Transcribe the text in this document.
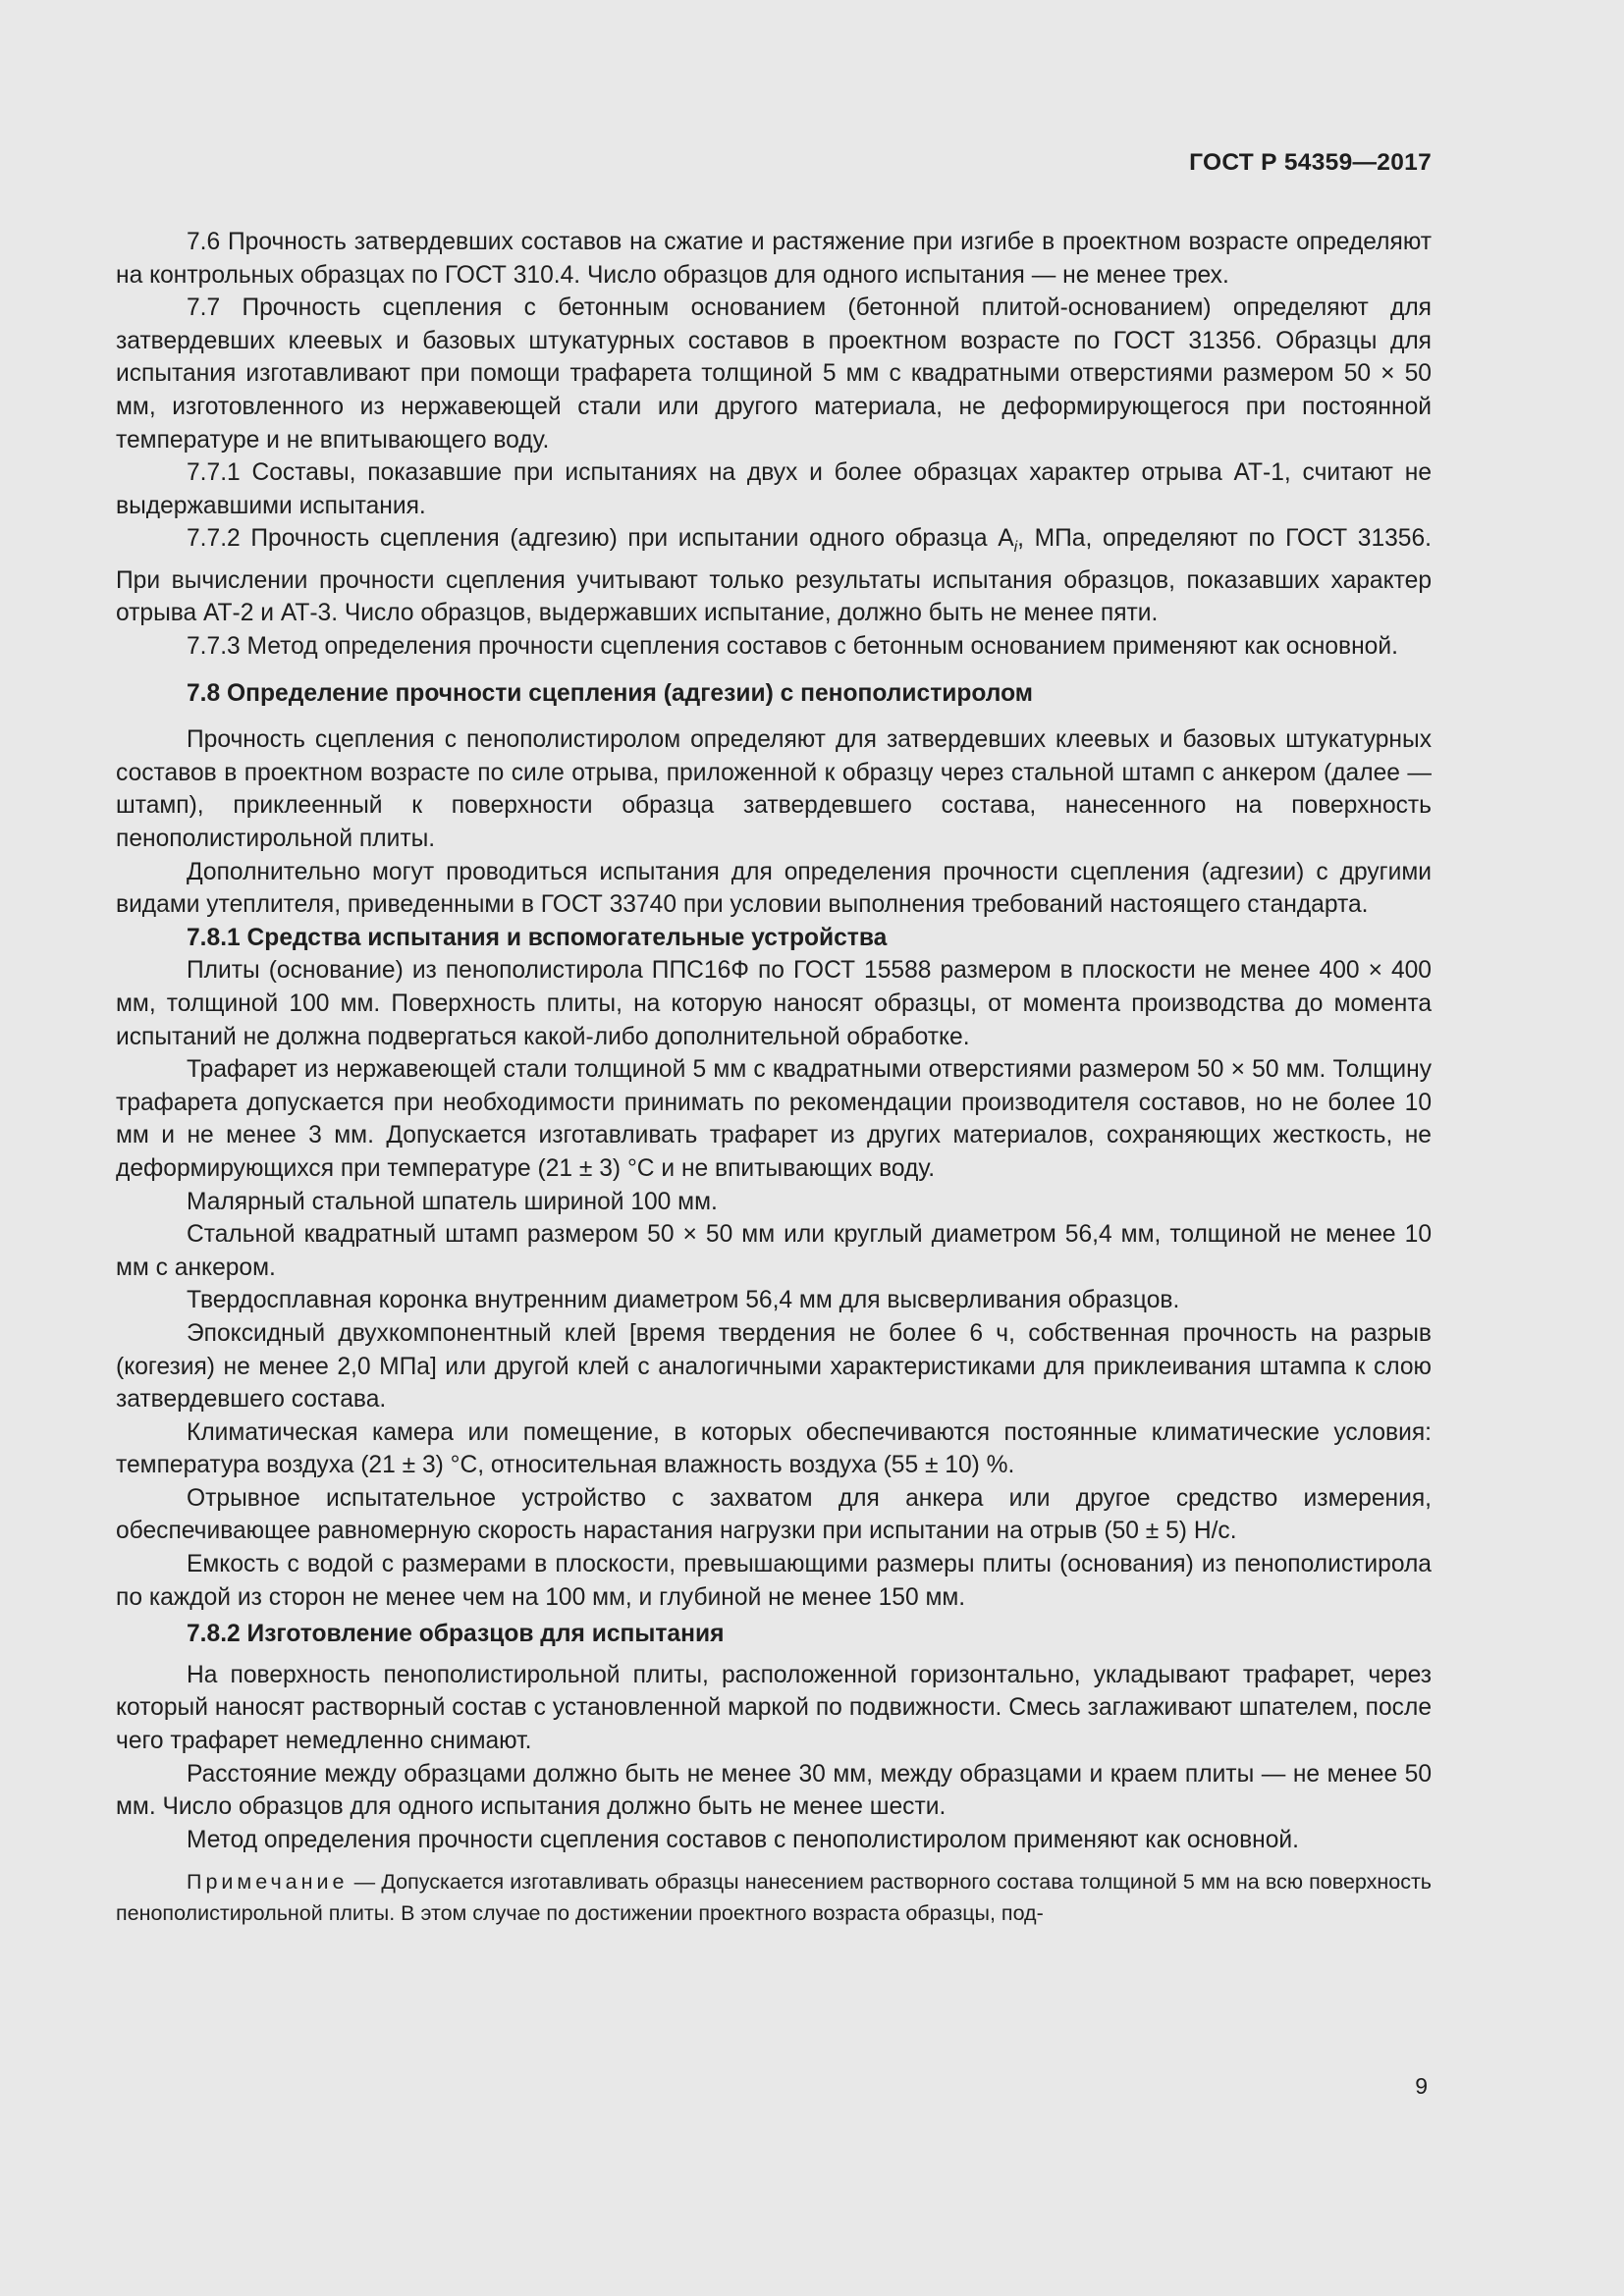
ГОСТ Р 54359—2017

7.6 Прочность затвердевших составов на сжатие и растяжение при изгибе в проектном возрасте определяют на контрольных образцах по ГОСТ 310.4. Число образцов для одного испытания — не менее трех.

7.7 Прочность сцепления с бетонным основанием (бетонной плитой-основанием) определяют для затвердевших клеевых и базовых штукатурных составов в проектном возрасте по ГОСТ 31356. Образцы для испытания изготавливают при помощи трафарета толщиной 5 мм с квадратными отверстиями размером 50 × 50 мм, изготовленного из нержавеющей стали или другого материала, не деформирующегося при постоянной температуре и не впитывающего воду.

7.7.1 Составы, показавшие при испытаниях на двух и более образцах характер отрыва АТ-1, считают не выдержавшими испытания.

7.7.2 Прочность сцепления (адгезию) при испытании одного образца $A_i$, МПа, определяют по ГОСТ 31356. При вычислении прочности сцепления учитывают только результаты испытания образцов, показавших характер отрыва АТ-2 и АТ-3. Число образцов, выдержавших испытание, должно быть не менее пяти.

7.7.3 Метод определения прочности сцепления составов с бетонным основанием применяют как основной.

7.8 Определение прочности сцепления (адгезии) с пенополистиролом

Прочность сцепления с пенополистиролом определяют для затвердевших клеевых и базовых штукатурных составов в проектном возрасте по силе отрыва, приложенной к образцу через стальной штамп с анкером (далее — штамп), приклеенный к поверхности образца затвердевшего состава, нанесенного на поверхность пенополистирольной плиты.

Дополнительно могут проводиться испытания для определения прочности сцепления (адгезии) с другими видами утеплителя, приведенными в ГОСТ 33740 при условии выполнения требований настоящего стандарта.

7.8.1 Средства испытания и вспомогательные устройства

Плиты (основание) из пенополистирола ППС16Ф по ГОСТ 15588 размером в плоскости не менее 400 × 400 мм, толщиной 100 мм. Поверхность плиты, на которую наносят образцы, от момента производства до момента испытаний не должна подвергаться какой-либо дополнительной обработке.

Трафарет из нержавеющей стали толщиной 5 мм с квадратными отверстиями размером 50 × 50 мм. Толщину трафарета допускается при необходимости принимать по рекомендации производителя составов, но не более 10 мм и не менее 3 мм. Допускается изготавливать трафарет из других материалов, сохраняющих жесткость, не деформирующихся при температуре (21 ± 3) °С и не впитывающих воду.

Малярный стальной шпатель шириной 100 мм.

Стальной квадратный штамп размером 50 × 50 мм или круглый диаметром 56,4 мм, толщиной не менее 10 мм с анкером.

Твердосплавная коронка внутренним диаметром 56,4 мм для высверливания образцов.

Эпоксидный двухкомпонентный клей [время твердения не более 6 ч, собственная прочность на разрыв (когезия) не менее 2,0 МПа] или другой клей с аналогичными характеристиками для приклеивания штампа к слою затвердевшего состава.

Климатическая камера или помещение, в которых обеспечиваются постоянные климатические условия: температура воздуха (21 ± 3) °С, относительная влажность воздуха (55 ± 10) %.

Отрывное испытательное устройство с захватом для анкера или другое средство измерения, обеспечивающее равномерную скорость нарастания нагрузки при испытании на отрыв (50 ± 5) Н/с.

Емкость с водой с размерами в плоскости, превышающими размеры плиты (основания) из пенополистирола по каждой из сторон не менее чем на 100 мм, и глубиной не менее 150 мм.

7.8.2 Изготовление образцов для испытания

На поверхность пенополистирольной плиты, расположенной горизонтально, укладывают трафарет, через который наносят растворный состав с установленной маркой по подвижности. Смесь заглаживают шпателем, после чего трафарет немедленно снимают.

Расстояние между образцами должно быть не менее 30 мм, между образцами и краем плиты — не менее 50 мм. Число образцов для одного испытания должно быть не менее шести.

Метод определения прочности сцепления составов с пенополистиролом применяют как основной.

Примечание — Допускается изготавливать образцы нанесением растворного состава толщиной 5 мм на всю поверхность пенополистирольной плиты. В этом случае по достижении проектного возраста образцы, под-

9
